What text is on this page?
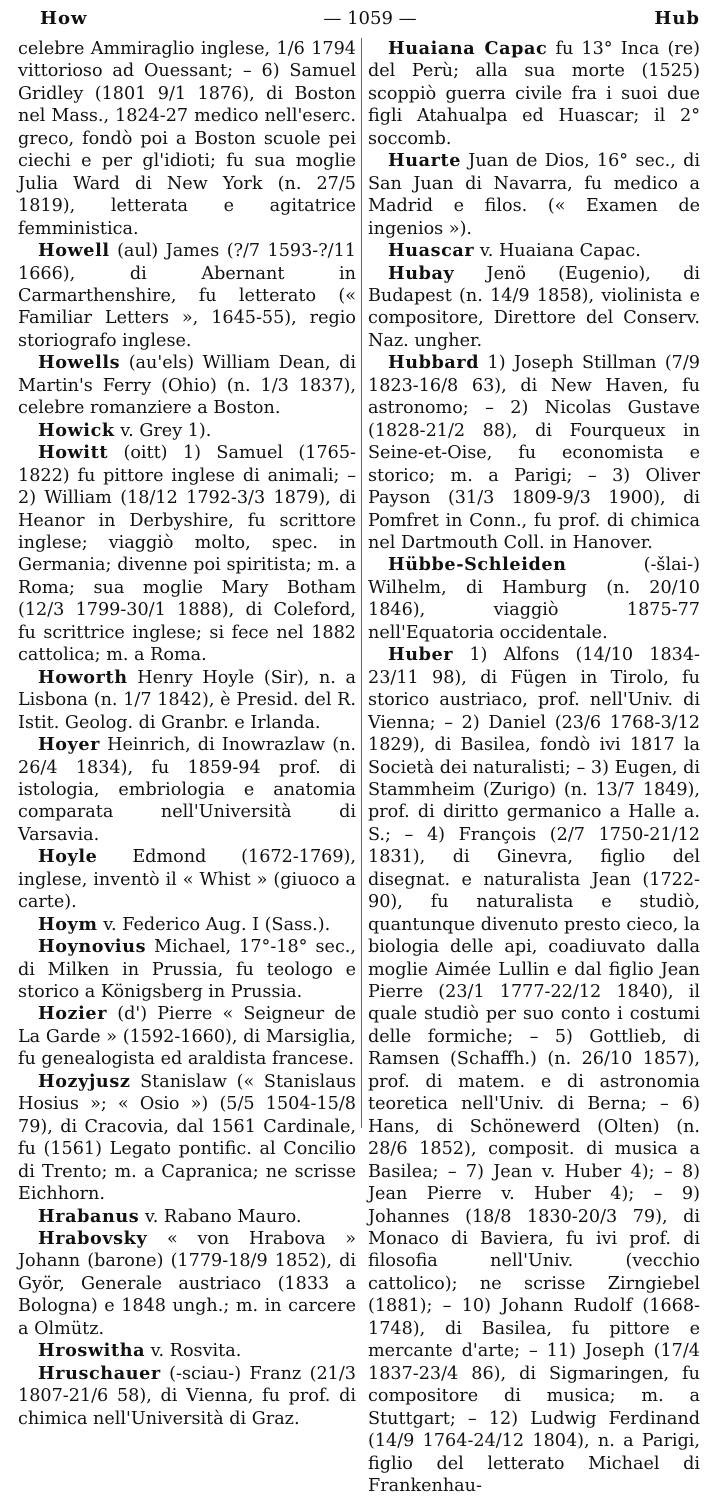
How	— 1059 —	Hub

celebre Ammiraglio inglese, 1/6 1794 vittorioso ad Ouessant; – 6) Samuel Gridley (1801 9/1 1876), di Boston nel Mass., 1824-27 medico nell'eserc. greco, fondò poi a Boston scuole pei ciechi e per gl'idioti; fu sua moglie Julia Ward di New York (n. 27/5 1819), letterata e agitatrice femministica.

Howell (aul) James (?/7 1593-?/11 1666), di Abernant in Carmarthenshire, fu letterato (« Familiar Letters », 1645-55), regio storiografo inglese.

Howells (au'els) William Dean, di Martin's Ferry (Ohio) (n. 1/3 1837), celebre romanziere a Boston.

Howick v. Grey 1).

Howitt (oitt) 1) Samuel (1765-1822) fu pittore inglese di animali; – 2) William (18/12 1792-3/3 1879), di Heanor in Derbyshire, fu scrittore inglese; viaggiò molto, spec. in Germania; divenne poi spiritista; m. a Roma; sua moglie Mary Botham (12/3 1799-30/1 1888), di Coleford, fu scrittrice inglese; si fece nel 1882 cattolica; m. a Roma.

Howorth Henry Hoyle (Sir), n. a Lisbona (n. 1/7 1842), è Presid. del R. Istit. Geolog. di Granbr. e Irlanda.

Hoyer Heinrich, di Inowrazlaw (n. 26/4 1834), fu 1859-94 prof. di istologia, embriologia e anatomia comparata nell'Università di Varsavia.

Hoyle Edmond (1672-1769), inglese, inventò il « Whist » (giuoco a carte).

Hoym v. Federico Aug. I (Sass.).

Hoynovius Michael, 17°-18° sec., di Milken in Prussia, fu teologo e storico a Königsberg in Prussia.

Hozier (d') Pierre « Seigneur de La Garde » (1592-1660), di Marsiglia, fu genealogista ed araldista francese.

Hozyjusz Stanislaw (« Stanislaus Hosius »; « Osio ») (5/5 1504-15/8 79), di Cracovia, dal 1561 Cardinale, fu (1561) Legato pontific. al Concilio di Trento; m. a Capranica; ne scrisse Eichhorn.

Hrabanus v. Rabano Mauro.

Hrabovsky « von Hrabova » Johann (barone) (1779-18/9 1852), di Györ, Generale austriaco (1833 a Bologna) e 1848 ungh.; m. in carcere a Olmütz.

Hroswitha v. Rosvita.

Hruschauer (-sciau-) Franz (21/3 1807-21/6 58), di Vienna, fu prof. di chimica nell'Università di Graz.

Huaiana Capac fu 13° Inca (re) del Perù; alla sua morte (1525) scoppiò guerra civile fra i suoi due figli Atahualpa ed Huascar; il 2° soccomb.

Huarte Juan de Dios, 16° sec., di San Juan di Navarra, fu medico a Madrid e filos. (« Examen de ingenios »).

Huascar v. Huaiana Capac.

Hubay Jenö (Eugenio), di Budapest (n. 14/9 1858), violinista e compositore, Direttore del Conserv. Naz. ungher.

Hubbard 1) Joseph Stillman (7/9 1823-16/8 63), di New Haven, fu astronomo; – 2) Nicolas Gustave (1828-21/2 88), di Fourqueux in Seine-et-Oise, fu economista e storico; m. a Parigi; – 3) Oliver Payson (31/3 1809-9/3 1900), di Pomfret in Conn., fu prof. di chimica nel Dartmouth Coll. in Hanover.

Hübbe-Schleiden (-šlai-) Wilhelm, di Hamburg (n. 20/10 1846), viaggiò 1875-77 nell'Equatoria occidentale.

Huber 1) Alfons (14/10 1834-23/11 98), di Fügen in Tirolo, fu storico austriaco, prof. nell'Univ. di Vienna; – 2) Daniel (23/6 1768-3/12 1829), di Basilea, fondò ivi 1817 la Società dei naturalisti; – 3) Eugen, di Stammheim (Zurigo) (n. 13/7 1849), prof. di diritto germanico a Halle a. S.; – 4) François (2/7 1750-21/12 1831), di Ginevra, figlio del disegnat. e naturalista Jean (1722-90), fu naturalista e studiò, quantunque divenuto presto cieco, la biologia delle api, coadiuvato dalla moglie Aimée Lullin e dal figlio Jean Pierre (23/1 1777-22/12 1840), il quale studiò per suo conto i costumi delle formiche; – 5) Gottlieb, di Ramsen (Schaffh.) (n. 26/10 1857), prof. di matem. e di astronomia teoretica nell'Univ. di Berna; – 6) Hans, di Schönewerd (Olten) (n. 28/6 1852), composit. di musica a Basilea; – 7) Jean v. Huber 4); – 8) Jean Pierre v. Huber 4); – 9) Johannes (18/8 1830-20/3 79), di Monaco di Baviera, fu ivi prof. di filosofia nell'Univ. (vecchio cattolico); ne scrisse Zirngiebel (1881); – 10) Johann Rudolf (1668-1748), di Basilea, fu pittore e mercante d'arte; – 11) Joseph (17/4 1837-23/4 86), di Sigmaringen, fu compositore di musica; m. a Stuttgart; – 12) Ludwig Ferdinand (14/9 1764-24/12 1804), n. a Parigi, figlio del letterato Michael di Frankenhau-
